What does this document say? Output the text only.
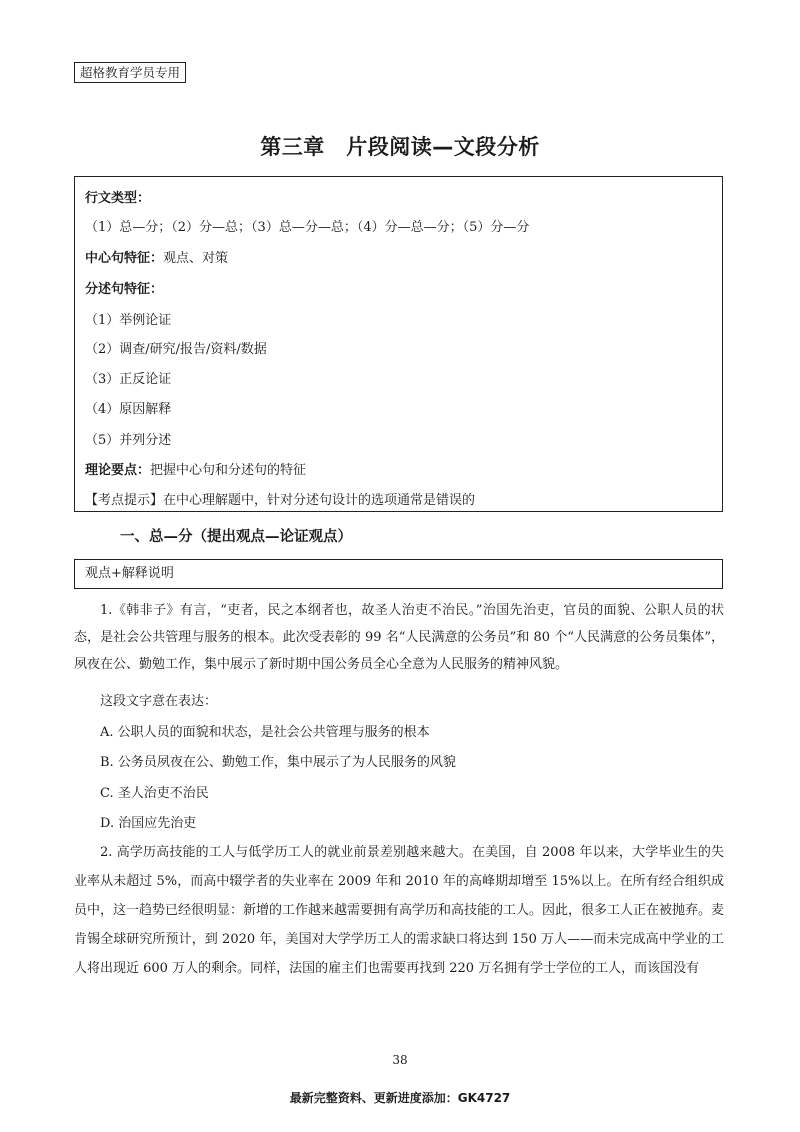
超格教育学员专用
第三章　片段阅读—文段分析
行文类型：
（1）总—分；（2）分—总；（3）总—分—总；（4）分—总—分；（5）分—分
中心句特征：观点、对策
分述句特征：
（1）举例论证
（2）调查/研究/报告/资料/数据
（3）正反论证
（4）原因解释
（5）并列分述
理论要点：把握中心句和分述句的特征
【考点提示】在中心理解题中，针对分述句设计的选项通常是错误的
一、总—分（提出观点—论证观点）
观点+解释说明
1.《韩非子》有言，“吏者，民之本纲者也，故圣人治吏不治民。”治国先治吏，官员的面貌、公职人员的状态，是社会公共管理与服务的根本。此次受表彰的 99 名“人民满意的公务员”和 80 个“人民满意的公务员集体”，夙夜在公、勤勉工作，集中展示了新时期中国公务员全心全意为人民服务的精神风貌。
这段文字意在表达：
A. 公职人员的面貌和状态，是社会公共管理与服务的根本
B. 公务员夙夜在公、勤勉工作，集中展示了为人民服务的风貌
C. 圣人治吏不治民
D. 治国应先治吏
2. 高学历高技能的工人与低学历工人的就业前景差别越来越大。在美国，自 2008 年以来，大学毕业生的失业率从未超过 5%，而高中辍学者的失业率在 2009 年和 2010 年的高峰期却增至 15%以上。在所有经合组织成员中，这一趋势已经很明显：新增的工作越来越需要拥有高学历和高技能的工人。因此，很多工人正在被抛弃。麦肯锡全球研究所预计，到 2020 年，美国对大学学历工人的需求缺口将达到 150 万人——而未完成高中学业的工人将出现近 600 万人的剩余。同样，法国的雇主们也需要再找到 220 万名拥有学士学位的工人，而该国没有
38
最新完整资料、更新进度添加：GK4727
